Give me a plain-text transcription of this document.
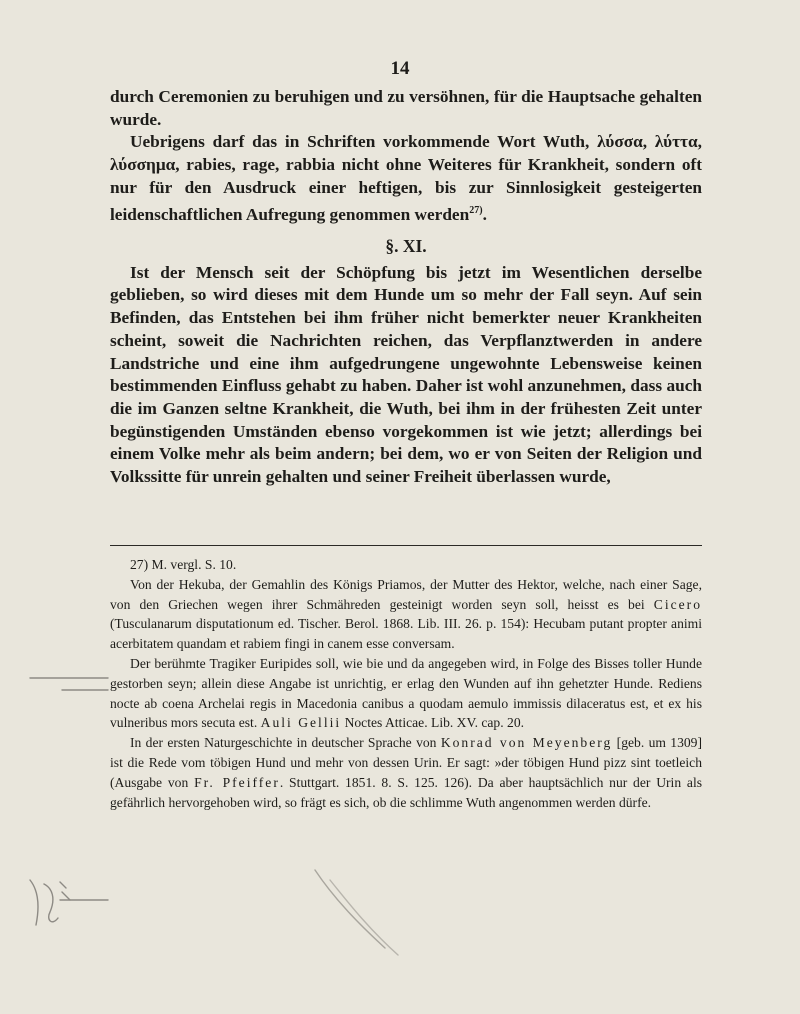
14

durch Ceremonien zu beruhigen und zu versöhnen, für die Hauptsache gehalten wurde.

Uebrigens darf das in Schriften vorkommende Wort Wuth, λύσσα, λύττα, λύσσημα, rabies, rage, rabbia nicht ohne Weiteres für Krankheit, sondern oft nur für den Ausdruck einer heftigen, bis zur Sinnlosigkeit gesteigerten leidenschaftlichen Aufregung genommen werden$^{27)}$.

§. XI.

Ist der Mensch seit der Schöpfung bis jetzt im Wesentlichen derselbe geblieben, so wird dieses mit dem Hunde um so mehr der Fall seyn. Auf sein Befinden, das Entstehen bei ihm früher nicht bemerkter neuer Krankheiten scheint, soweit die Nachrichten reichen, das Verpflanztwerden in andere Landstriche und eine ihm aufgedrungene ungewohnte Lebensweise keinen bestimmenden Einfluss gehabt zu haben. Daher ist wohl anzunehmen, dass auch die im Ganzen seltne Krankheit, die Wuth, bei ihm in der frühesten Zeit unter begünstigenden Umständen ebenso vorgekommen ist wie jetzt; allerdings bei einem Volke mehr als beim andern; bei dem, wo er von Seiten der Religion und Volkssitte für unrein gehalten und seiner Freiheit überlassen wurde,

27) M. vergl. S. 10.

Von der Hekuba, der Gemahlin des Königs Priamos, der Mutter des Hektor, welche, nach einer Sage, von den Griechen wegen ihrer Schmähreden gesteinigt worden seyn soll, heisst es bei Cicero (Tusculanarum disputationum ed. Tischer. Berol. 1868. Lib. III. 26. p. 154): Hecubam putant propter animi acerbitatem quandam et rabiem fingi in canem esse conversam.

Der berühmte Tragiker Euripides soll, wie bie und da angegeben wird, in Folge des Bisses toller Hunde gestorben seyn; allein diese Angabe ist unrichtig, er erlag den Wunden auf ihn gehetzter Hunde. Rediens nocte ab coena Archelai regis in Macedonia canibus a quodam aemulo immissis dilaceratus est, et ex his vulneribus mors secuta est. Auli Gellii Noctes Atticae. Lib. XV. cap. 20.

In der ersten Naturgeschichte in deutscher Sprache von Konrad von Meyenberg [geb. um 1309] ist die Rede vom töbigen Hund und mehr von dessen Urin. Er sagt: »der töbigen Hund pizz sint toetleich (Ausgabe von Fr. Pfeiffer. Stuttgart. 1851. 8. S. 125. 126). Da aber hauptsächlich nur der Urin als gefährlich hervorgehoben wird, so frägt es sich, ob die schlimme Wuth angenommen werden dürfe.
